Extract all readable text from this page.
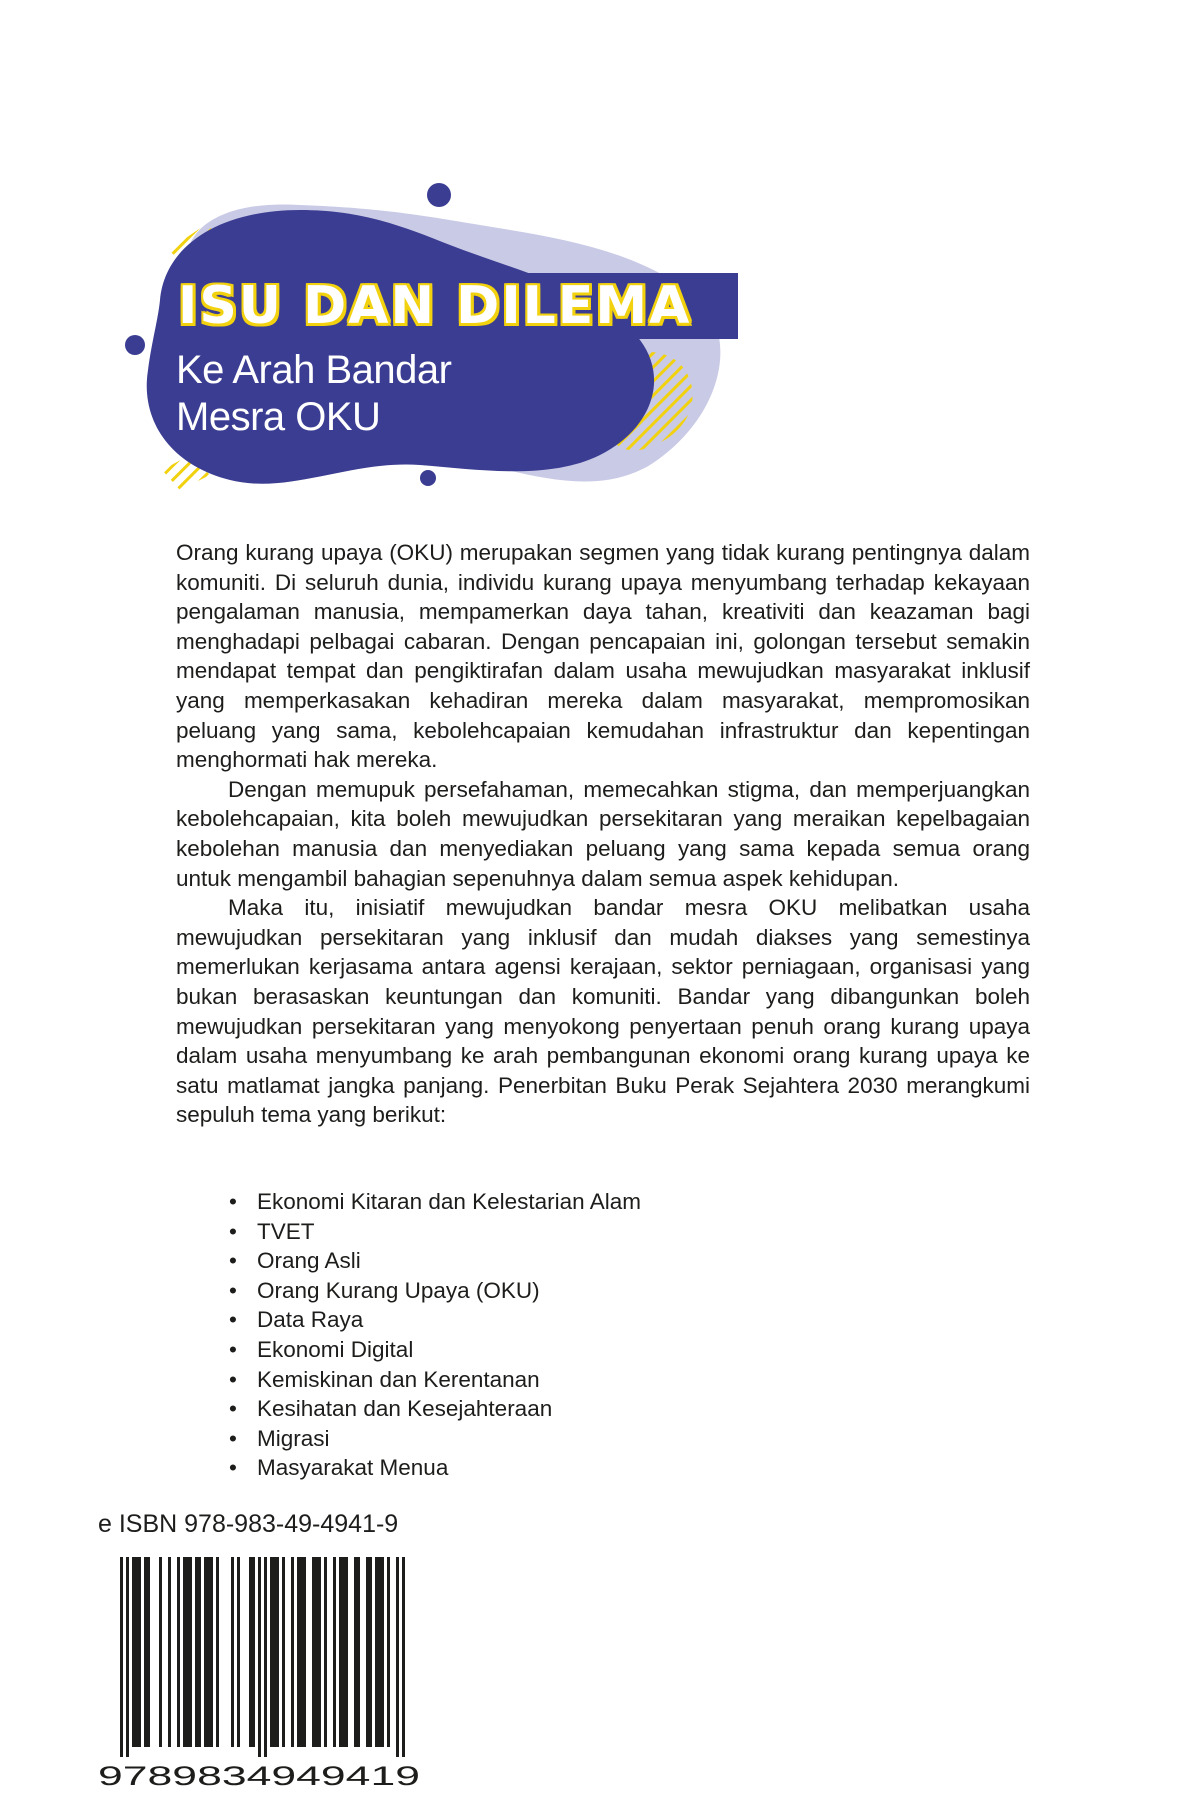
ISU DAN DILEMA
Ke Arah Bandar
Mesra OKU

Orang kurang upaya (OKU) merupakan segmen yang tidak kurang pentingnya dalam komuniti. Di seluruh dunia, individu kurang upaya menyumbang terhadap kekayaan pengalaman manusia, mempamerkan daya tahan, kreativiti dan keazaman bagi menghadapi pelbagai cabaran. Dengan pencapaian ini, golongan tersebut semakin mendapat tempat dan pengiktirafan dalam usaha mewujudkan masyarakat inklusif yang memperkasakan kehadiran mereka dalam masyarakat, mempromosikan peluang yang sama, kebolehcapaian kemudahan infrastruktur dan kepentingan menghormati hak mereka.

Dengan memupuk persefahaman, memecahkan stigma, dan memperjuangkan kebolehcapaian, kita boleh mewujudkan persekitaran yang meraikan kepelbagaian kebolehan manusia dan menyediakan peluang yang sama kepada semua orang untuk mengambil bahagian sepenuhnya dalam semua aspek kehidupan.

Maka itu, inisiatif mewujudkan bandar mesra OKU melibatkan usaha mewujudkan persekitaran yang inklusif dan mudah diakses yang semestinya memerlukan kerjasama antara agensi kerajaan, sektor perniagaan, organisasi yang bukan berasaskan keuntungan dan komuniti. Bandar yang dibangunkan boleh mewujudkan persekitaran yang menyokong penyertaan penuh orang kurang upaya dalam usaha menyumbang ke arah pembangunan ekonomi orang kurang upaya ke satu matlamat jangka panjang. Penerbitan Buku Perak Sejahtera 2030 merangkumi sepuluh tema yang berikut:

• Ekonomi Kitaran dan Kelestarian Alam
• TVET
• Orang Asli
• Orang Kurang Upaya (OKU)
• Data Raya
• Ekonomi Digital
• Kemiskinan dan Kerentanan
• Kesihatan dan Kesejahteraan
• Migrasi
• Masyarakat Menua
e ISBN 978-983-49-4941-9
9789834949419
